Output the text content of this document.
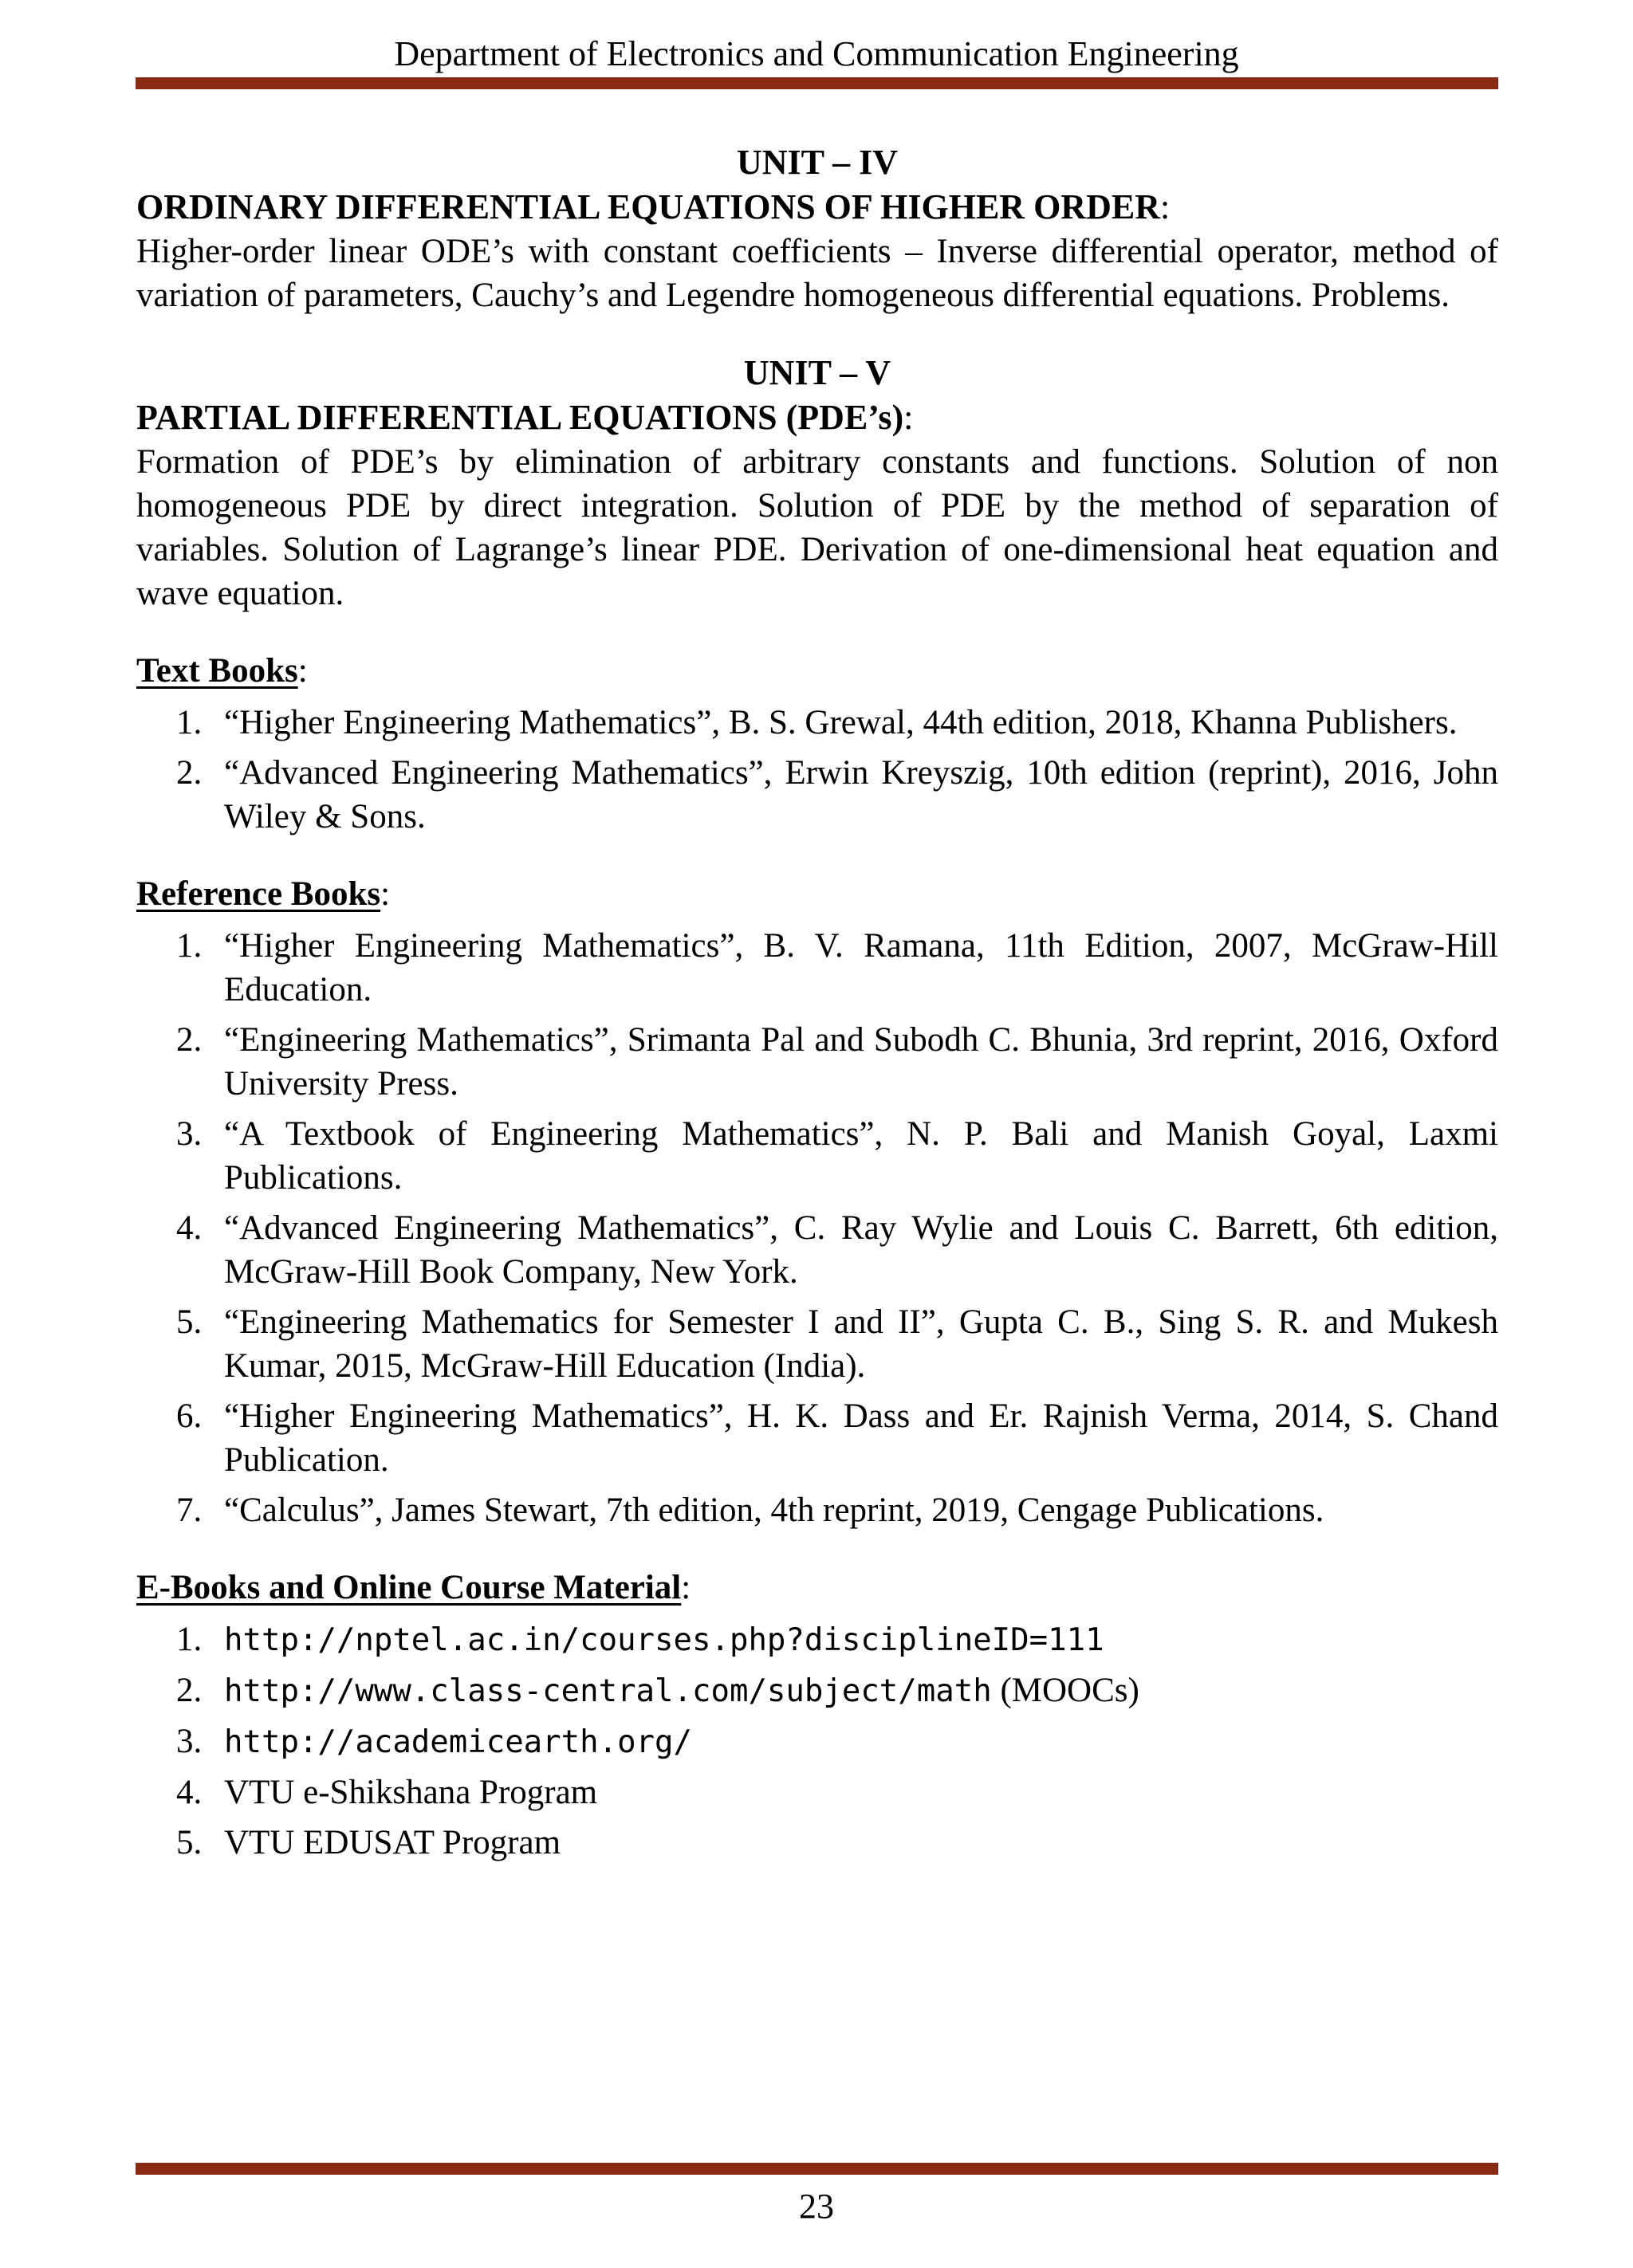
Department of Electronics and Communication Engineering

UNIT – IV

ORDINARY DIFFERENTIAL EQUATIONS OF HIGHER ORDER:

Higher-order linear ODE’s with constant coefficients – Inverse differential operator, method of variation of parameters, Cauchy’s and Legendre homogeneous differential equations. Problems.

UNIT – V

PARTIAL DIFFERENTIAL EQUATIONS (PDE’s):

Formation of PDE’s by elimination of arbitrary constants and functions. Solution of non homogeneous PDE by direct integration. Solution of PDE by the method of separation of variables. Solution of Lagrange’s linear PDE. Derivation of one-dimensional heat equation and wave equation.

Text Books:

1. “Higher Engineering Mathematics”, B. S. Grewal, 44th edition, 2018, Khanna Publishers.
2. “Advanced Engineering Mathematics”, Erwin Kreyszig, 10th edition (reprint), 2016, John Wiley & Sons.

Reference Books:

1. “Higher Engineering Mathematics”, B. V. Ramana, 11th Edition, 2007, McGraw-Hill Education.
2. “Engineering Mathematics”, Srimanta Pal and Subodh C. Bhunia, 3rd reprint, 2016, Oxford University Press.
3. “A Textbook of Engineering Mathematics”, N. P. Bali and Manish Goyal, Laxmi Publications.
4. “Advanced Engineering Mathematics”, C. Ray Wylie and Louis C. Barrett, 6th edition, McGraw-Hill Book Company, New York.
5. “Engineering Mathematics for Semester I and II”, Gupta C. B., Sing S. R. and Mukesh Kumar, 2015, McGraw-Hill Education (India).
6. “Higher Engineering Mathematics”, H. K. Dass and Er. Rajnish Verma, 2014, S. Chand Publication.
7. “Calculus”, James Stewart, 7th edition, 4th reprint, 2019, Cengage Publications.

E-Books and Online Course Material:

1. http://nptel.ac.in/courses.php?disciplineID=111
2. http://www.class-central.com/subject/math (MOOCs)
3. http://academicearth.org/
4. VTU e-Shikshana Program
5. VTU EDUSAT Program
23
